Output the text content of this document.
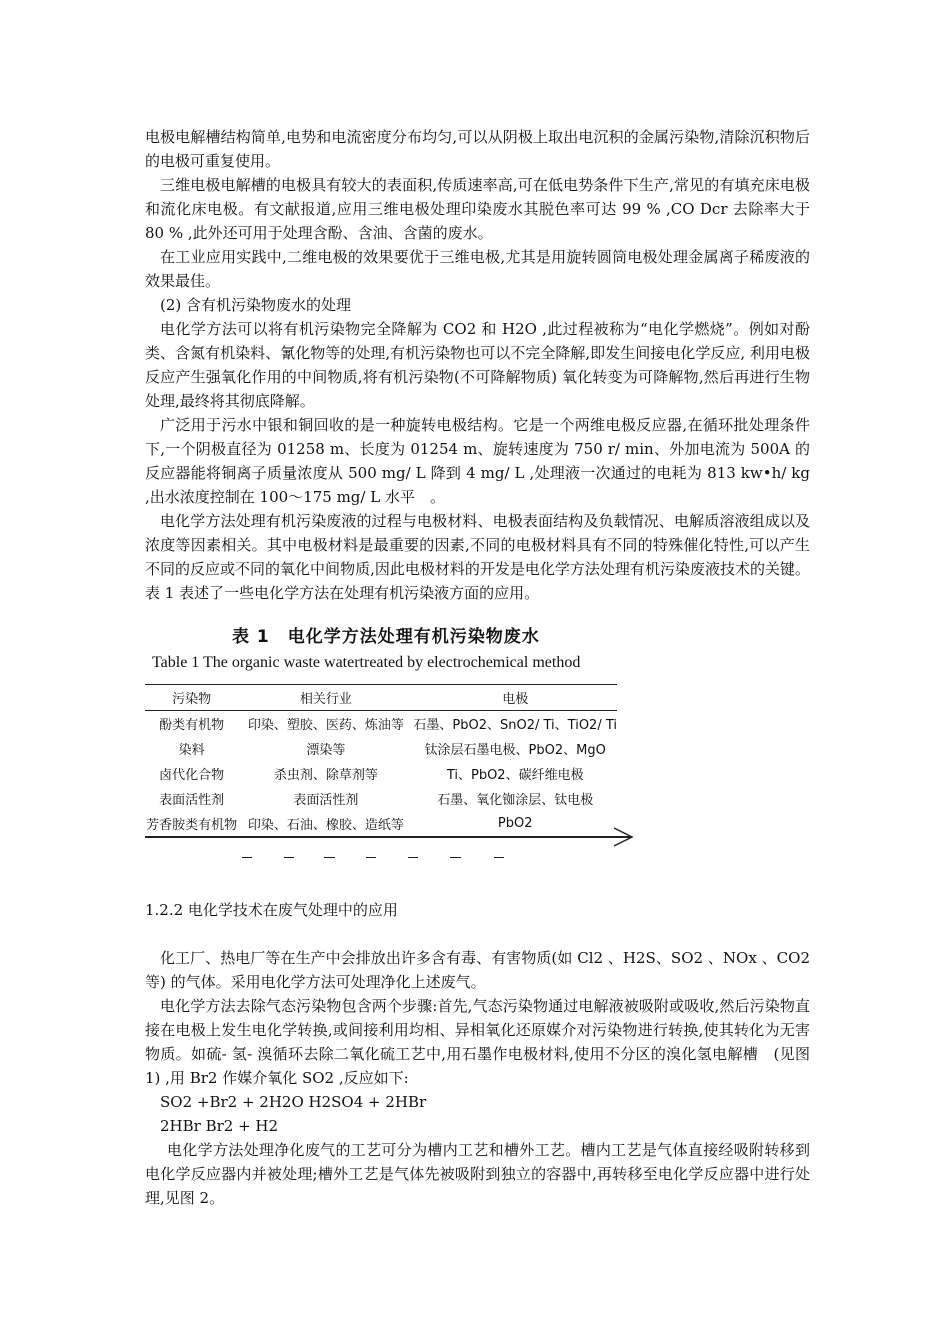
电极电解槽结构简单,电势和电流密度分布均匀,可以从阴极上取出电沉积的金属污染物,清除沉积物后的电极可重复使用。

三维电极电解槽的电极具有较大的表面积,传质速率高,可在低电势条件下生产,常见的有填充床电极和流化床电极。有文献报道,应用三维电极处理印染废水其脱色率可达 99 % ,CO Dcr 去除率大于 80 % ,此外还可用于处理含酚、含油、含菌的废水。

在工业应用实践中,二维电极的效果要优于三维电极,尤其是用旋转圆筒电极处理金属离子稀废液的效果最佳。

(2) 含有机污染物废水的处理

电化学方法可以将有机污染物完全降解为 CO2 和 H2O ,此过程被称为“电化学燃烧”。例如对酚类、含氮有机染料、氰化物等的处理,有机污染物也可以不完全降解,即发生间接电化学反应, 利用电极反应产生强氧化作用的中间物质,将有机污染物(不可降解物质) 氧化转变为可降解物,然后再进行生物处理,最终将其彻底降解。

广泛用于污水中银和铜回收的是一种旋转电极结构。它是一个两维电极反应器,在循环批处理条件下,一个阴极直径为 01258 m、长度为 01254 m、旋转速度为 750 r/ min、外加电流为 500A 的反应器能将铜离子质量浓度从 500 mg/ L 降到 4 mg/ L ,处理液一次通过的电耗为 813 kw•h/ kg ,出水浓度控制在 100～175 mg/ L 水平　。

电化学方法处理有机污染废液的过程与电极材料、电极表面结构及负载情况、电解质溶液组成以及浓度等因素相关。其中电极材料是最重要的因素,不同的电极材料具有不同的特殊催化特性,可以产生不同的反应或不同的氧化中间物质,因此电极材料的开发是电化学方法处理有机污染废液技术的关键。表 1 表述了一些电化学方法在处理有机污染液方面的应用。

表 1　电化学方法处理有机污染物废水
Table 1 The organic waste watertreated by electrochemical method
污染物	相关行业	电极
酚类有机物	印染、塑胶、医药、炼油等	石墨、PbO2、SnO2/ Ti、TiO2/ Ti
染料	漂染等	钛涂层石墨电极、PbO2、MgO
卤代化合物	杀虫剂、除草剂等	Ti、PbO2、碳纤维电极
表面活性剂	表面活性剂	石墨、氧化铷涂层、钛电极
芳香胺类有机物	印染、石油、橡胶、造纸等	PbO2
1.2.2 电化学技术在废气处理中的应用

化工厂、热电厂等在生产中会排放出许多含有毒、有害物质(如 Cl2 、H2S、SO2 、NOx 、CO2 等) 的气体。采用电化学方法可处理净化上述废气。

电化学方法去除气态污染物包含两个步骤:首先,气态污染物通过电解液被吸附或吸收,然后污染物直接在电极上发生电化学转换,或间接利用均相、异相氧化还原媒介对污染物进行转换,使其转化为无害物质。如硫- 氢- 溴循环去除二氧化硫工艺中,用石墨作电极材料,使用不分区的溴化氢电解槽　(见图 1) ,用 Br2 作媒介氧化 SO2 ,反应如下:

SO2 +Br2 + 2H2O H2SO4 + 2HBr
2HBr Br2 + H2

电化学方法处理净化废气的工艺可分为槽内工艺和槽外工艺。槽内工艺是气体直接经吸附转移到电化学反应器内并被处理;槽外工艺是气体先被吸附到独立的容器中,再转移至电化学反应器中进行处理,见图 2。
